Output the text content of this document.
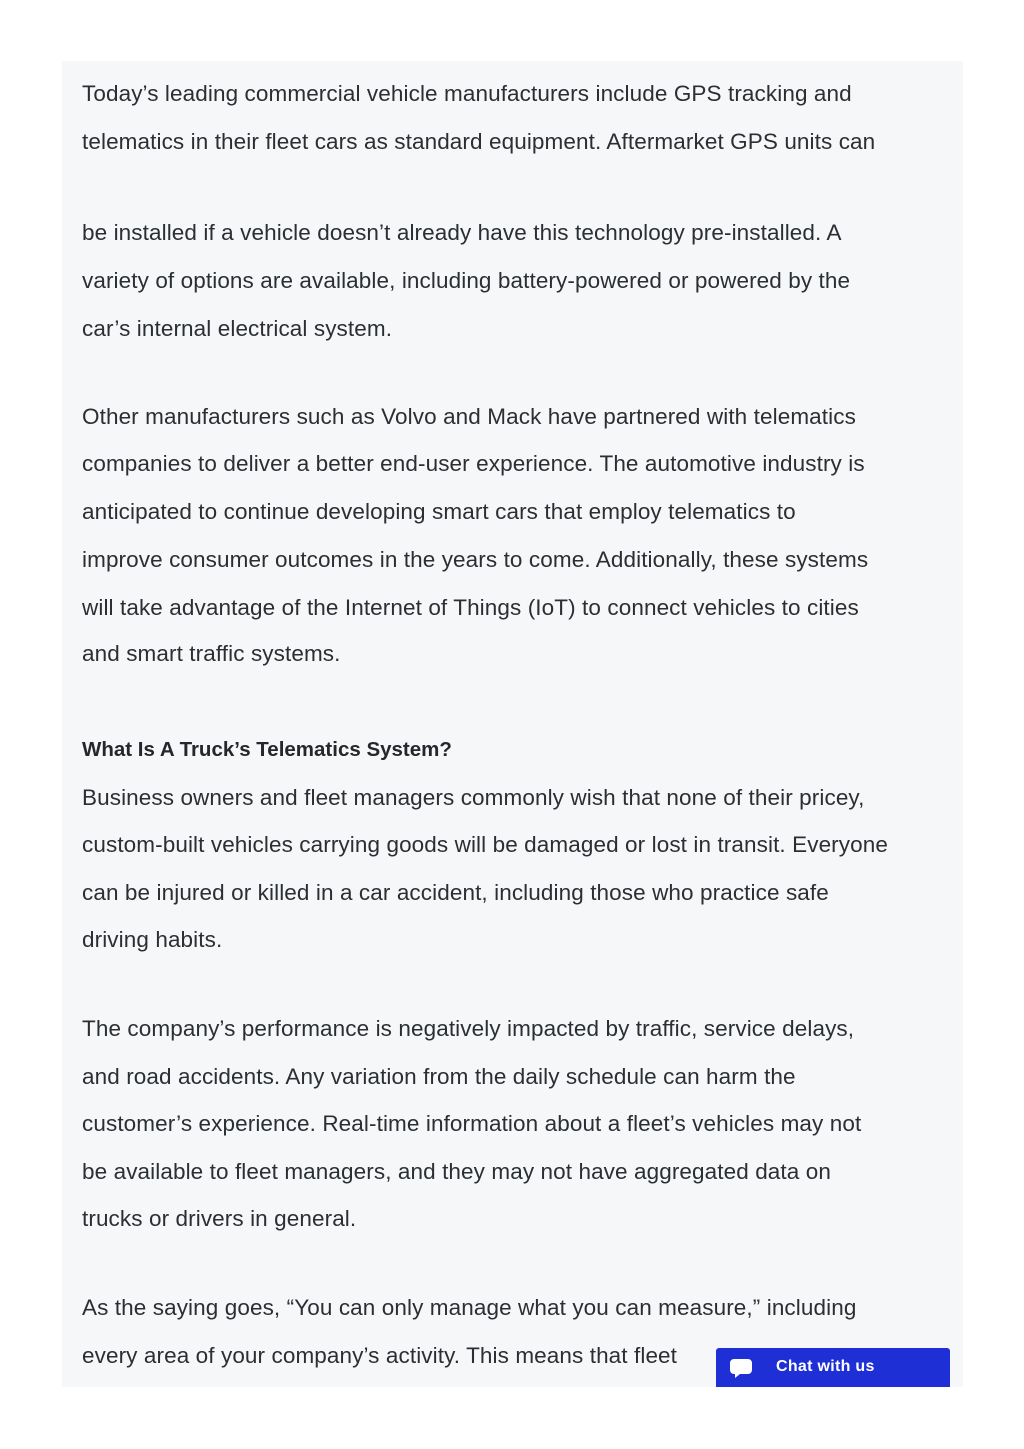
Today’s leading commercial vehicle manufacturers include GPS tracking and
telematics in their fleet cars as standard equipment. Aftermarket GPS units can
be installed if a vehicle doesn’t already have this technology pre-installed. A
variety of options are available, including battery-powered or powered by the
car’s internal electrical system.
Other manufacturers such as Volvo and Mack have partnered with telematics
companies to deliver a better end-user experience. The automotive industry is
anticipated to continue developing smart cars that employ telematics to
improve consumer outcomes in the years to come. Additionally, these systems
will take advantage of the Internet of Things (IoT) to connect vehicles to cities
and smart traffic systems.
What Is A Truck’s Telematics System?
Business owners and fleet managers commonly wish that none of their pricey,
custom-built vehicles carrying goods will be damaged or lost in transit. Everyone
can be injured or killed in a car accident, including those who practice safe
driving habits.
The company’s performance is negatively impacted by traffic, service delays,
and road accidents. Any variation from the daily schedule can harm the
customer’s experience. Real-time information about a fleet’s vehicles may not
be available to fleet managers, and they may not have aggregated data on
trucks or drivers in general.
As the saying goes, “You can only manage what you can measure,” including
every area of your company’s activity. This means that fleet	Chat with us
